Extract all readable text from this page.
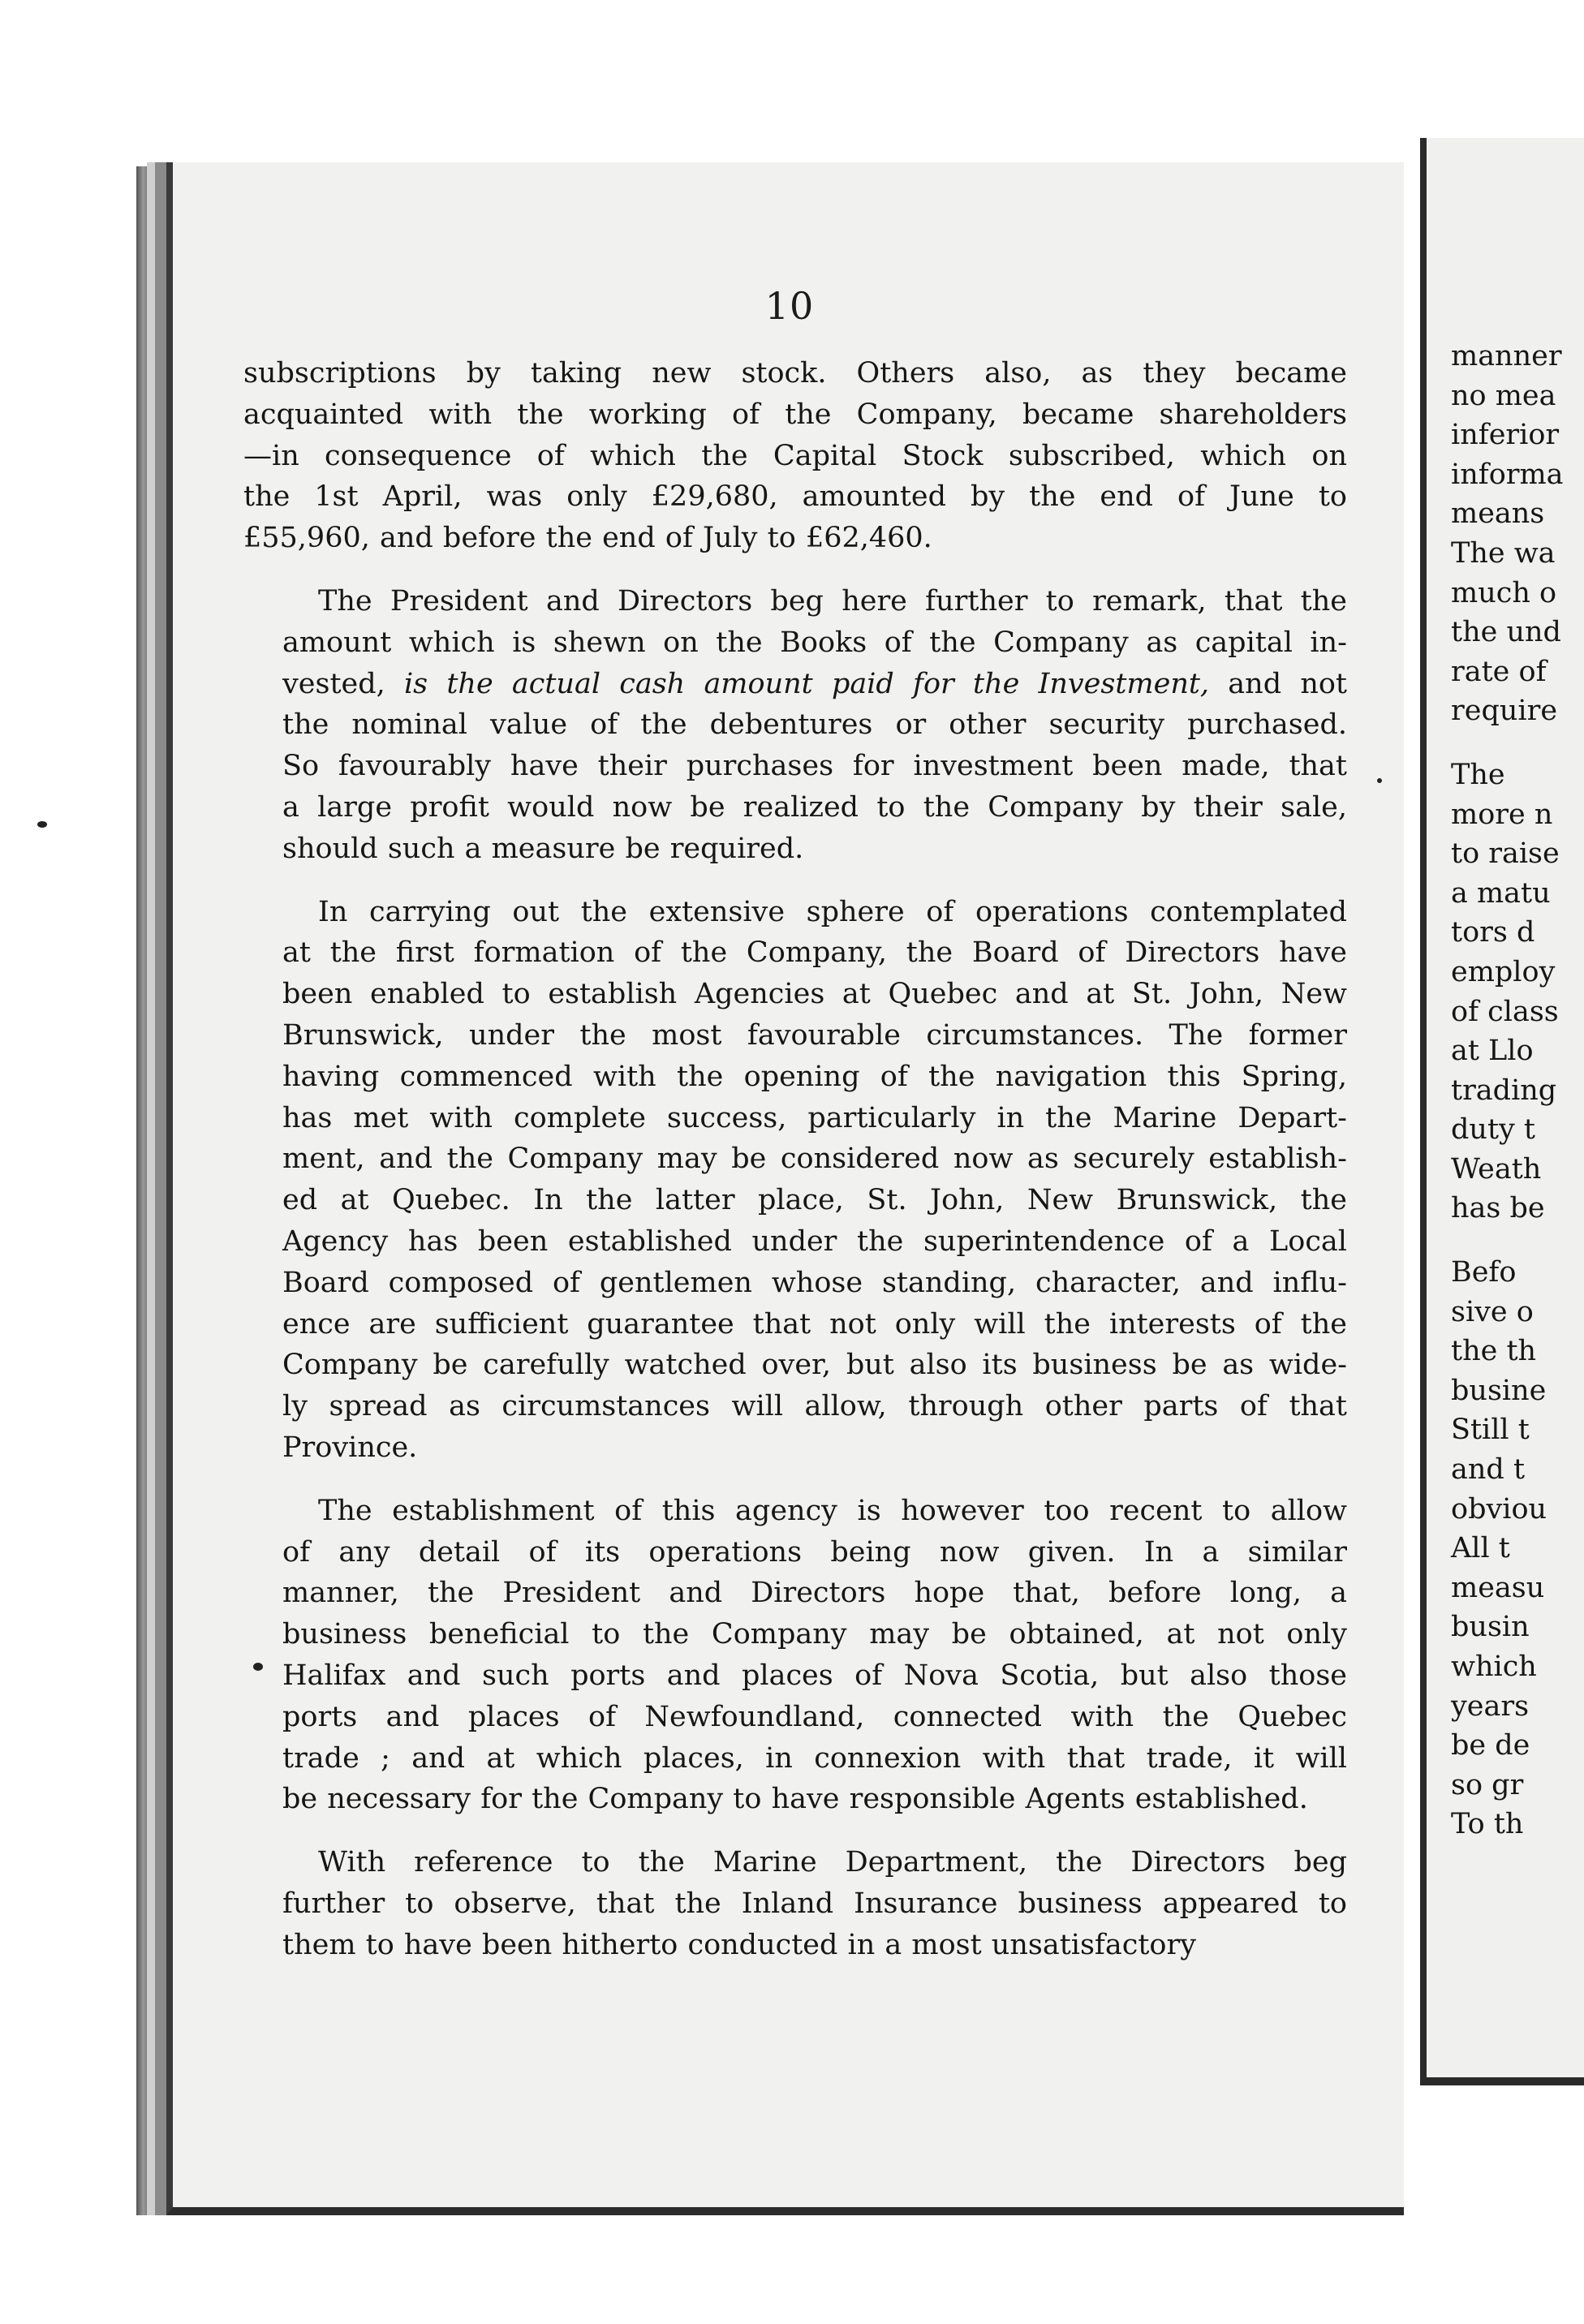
10
subscriptions by taking new stock. Others also, as they became
acquainted with the working of the Company, became shareholders
—in consequence of which the Capital Stock subscribed, which on
the 1st April, was only £29,680, amounted by the end of June to
£55,960, and before the end of July to £62,460.
The President and Directors beg here further to remark, that the
amount which is shewn on the Books of the Company as capital in-
vested, is the actual cash amount paid for the Investment, and not
the nominal value of the debentures or other security purchased.
So favourably have their purchases for investment been made, that
a large profit would now be realized to the Company by their sale,
should such a measure be required.
In carrying out the extensive sphere of operations contemplated
at the first formation of the Company, the Board of Directors have
been enabled to establish Agencies at Quebec and at St. John, New
Brunswick, under the most favourable circumstances. The former
having commenced with the opening of the navigation this Spring,
has met with complete success, particularly in the Marine Depart-
ment, and the Company may be considered now as securely establish-
ed at Quebec. In the latter place, St. John, New Brunswick, the
Agency has been established under the superintendence of a Local
Board composed of gentlemen whose standing, character, and influ-
ence are sufficient guarantee that not only will the interests of the
Company be carefully watched over, but also its business be as wide-
ly spread as circumstances will allow, through other parts of that
Province.
The establishment of this agency is however too recent to allow
of any detail of its operations being now given. In a similar
manner, the President and Directors hope that, before long, a
business beneficial to the Company may be obtained, at not only
Halifax and such ports and places of Nova Scotia, but also those
ports and places of Newfoundland, connected with the Quebec
trade ; and at which places, in connexion with that trade, it will
be necessary for the Company to have responsible Agents established.
With reference to the Marine Department, the Directors beg
further to observe, that the Inland Insurance business appeared to
them to have been hitherto conducted in a most unsatisfactory
manner
no mea
inferior
informa
means
The wa
much o
the und
rate of
require
The
more n
to raise
a matu
tors d
employ
of class
at Llo
trading
duty t
Weath
has be
Befo
sive o
the th
busine
Still t
and t
obviou
All t
measu
busin
which
years
be de
so gr
To th
